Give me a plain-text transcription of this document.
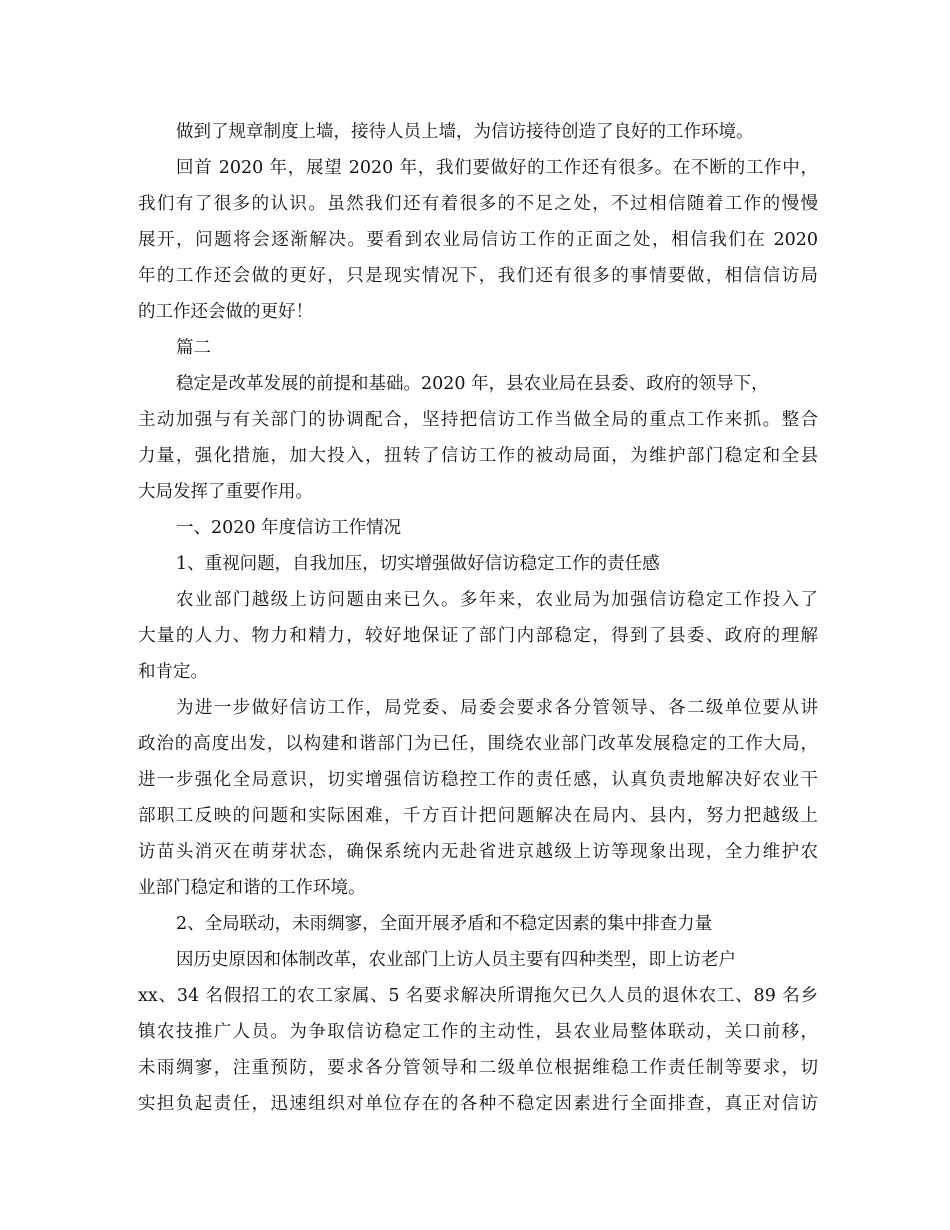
做到了规章制度上墙，接待人员上墙，为信访接待创造了良好的工作环境。
回首 2020 年，展望 2020 年，我们要做好的工作还有很多。在不断的工作中，
我们有了很多的认识。虽然我们还有着很多的不足之处，不过相信随着工作的慢慢
展开，问题将会逐渐解决。要看到农业局信访工作的正面之处，相信我们在 2020
年的工作还会做的更好，只是现实情况下，我们还有很多的事情要做，相信信访局
的工作还会做的更好！
篇二
稳定是改革发展的前提和基础。2020 年，县农业局在县委、政府的领导下，
主动加强与有关部门的协调配合，坚持把信访工作当做全局的重点工作来抓。整合
力量，强化措施，加大投入，扭转了信访工作的被动局面，为维护部门稳定和全县
大局发挥了重要作用。
一、2020 年度信访工作情况
1、重视问题，自我加压，切实增强做好信访稳定工作的责任感
农业部门越级上访问题由来已久。多年来，农业局为加强信访稳定工作投入了
大量的人力、物力和精力，较好地保证了部门内部稳定，得到了县委、政府的理解
和肯定。
为进一步做好信访工作，局党委、局委会要求各分管领导、各二级单位要从讲
政治的高度出发，以构建和谐部门为已任，围绕农业部门改革发展稳定的工作大局，
进一步强化全局意识，切实增强信访稳控工作的责任感，认真负责地解决好农业干
部职工反映的问题和实际困难，千方百计把问题解决在局内、县内，努力把越级上
访苗头消灭在萌芽状态，确保系统内无赴省进京越级上访等现象出现，全力维护农
业部门稳定和谐的工作环境。
2、全局联动，未雨绸寥，全面开展矛盾和不稳定因素的集中排查力量
因历史原因和体制改革，农业部门上访人员主要有四种类型，即上访老户
xx、34 名假招工的农工家属、5 名要求解决所谓拖欠已久人员的退休农工、89 名乡
镇农技推广人员。为争取信访稳定工作的主动性，县农业局整体联动，关口前移，
未雨绸寥，注重预防，要求各分管领导和二级单位根据维稳工作责任制等要求，切
实担负起责任，迅速组织对单位存在的各种不稳定因素进行全面排查，真正对信访
